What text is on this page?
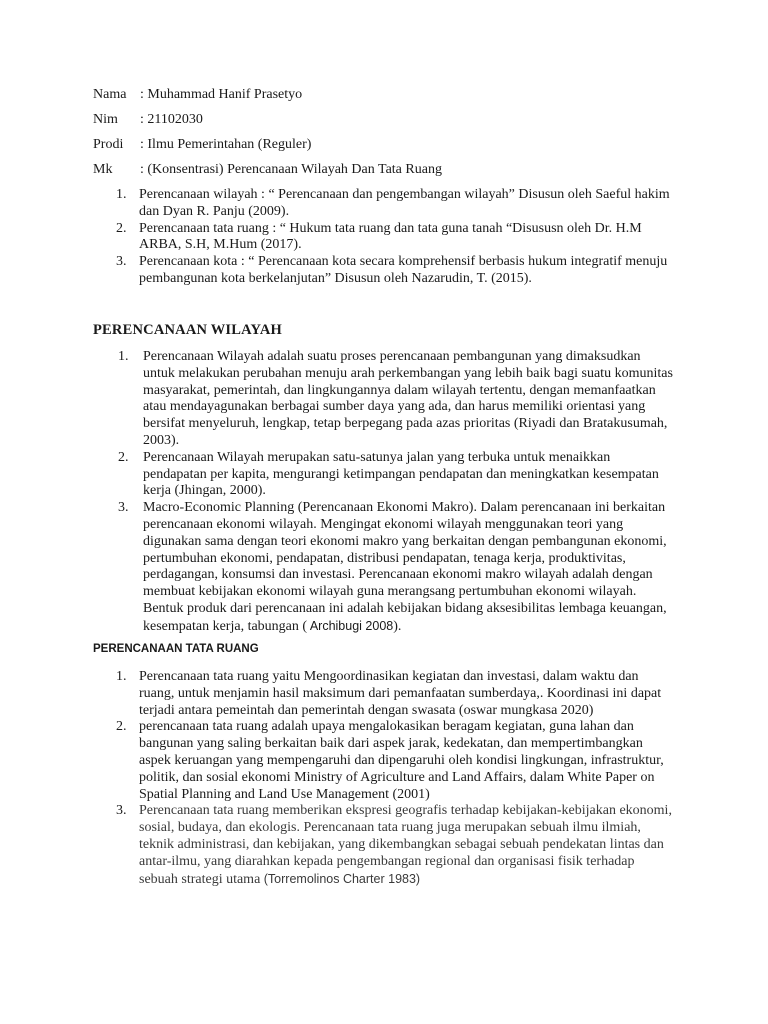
Nama : Muhammad Hanif Prasetyo
Nim : 21102030
Prodi : Ilmu Pemerintahan (Reguler)
Mk : (Konsentrasi) Perencanaan Wilayah Dan Tata Ruang
1. Perencanaan wilayah : “ Perencanaan dan pengembangan wilayah” Disusun oleh Saeful hakim dan Dyan R. Panju (2009).
2. Perencanaan tata ruang : “ Hukum tata ruang dan tata guna tanah “Disususn oleh Dr. H.M ARBA, S.H, M.Hum (2017).
3. Perencanaan kota : “ Perencanaan kota secara komprehensif berbasis hukum integratif menuju pembangunan kota berkelanjutan” Disusun oleh Nazarudin, T. (2015).
PERENCANAAN WILAYAH
1. Perencanaan Wilayah adalah suatu proses perencanaan pembangunan yang dimaksudkan untuk melakukan perubahan menuju arah perkembangan yang lebih baik bagi suatu komunitas masyarakat, pemerintah, dan lingkungannya dalam wilayah tertentu, dengan memanfaatkan atau mendayagunakan berbagai sumber daya yang ada, dan harus memiliki orientasi yang bersifat menyeluruh, lengkap, tetap berpegang pada azas prioritas (Riyadi dan Bratakusumah, 2003).
2. Perencanaan Wilayah merupakan satu-satunya jalan yang terbuka untuk menaikkan pendapatan per kapita, mengurangi ketimpangan pendapatan dan meningkatkan kesempatan kerja (Jhingan, 2000).
3. Macro-Economic Planning (Perencanaan Ekonomi Makro). Dalam perencanaan ini berkaitan perencanaan ekonomi wilayah. Mengingat ekonomi wilayah menggunakan teori yang digunakan sama dengan teori ekonomi makro yang berkaitan dengan pembangunan ekonomi, pertumbuhan ekonomi, pendapatan, distribusi pendapatan, tenaga kerja, produktivitas, perdagangan, konsumsi dan investasi. Perencanaan ekonomi makro wilayah adalah dengan membuat kebijakan ekonomi wilayah guna merangsang pertumbuhan ekonomi wilayah. Bentuk produk dari perencanaan ini adalah kebijakan bidang aksesibilitas lembaga keuangan, kesempatan kerja, tabungan ( Archibugi 2008).
PERENCANAAN TATA RUANG
1. Perencanaan tata ruang yaitu Mengoordinasikan kegiatan dan investasi, dalam waktu dan ruang, untuk menjamin hasil maksimum dari pemanfaatan sumberdaya,. Koordinasi ini dapat terjadi antara pemeintah dan pemerintah dengan swasata (oswar mungkasa 2020)
2. perencanaan tata ruang adalah upaya mengalokasikan beragam kegiatan, guna lahan dan bangunan yang saling berkaitan baik dari aspek jarak, kedekatan, dan mempertimbangkan aspek keruangan yang mempengaruhi dan dipengaruhi oleh kondisi lingkungan, infrastruktur, politik, dan sosial ekonomi Ministry of Agriculture and Land Affairs, dalam White Paper on Spatial Planning and Land Use Management (2001)
3. Perencanaan tata ruang memberikan ekspresi geografis terhadap kebijakan-kebijakan ekonomi, sosial, budaya, dan ekologis. Perencanaan tata ruang juga merupakan sebuah ilmu ilmiah, teknik administrasi, dan kebijakan, yang dikembangkan sebagai sebuah pendekatan lintas dan antar-ilmu, yang diarahkan kepada pengembangan regional dan organisasi fisik terhadap sebuah strategi utama (Torremolinos Charter 1983)
